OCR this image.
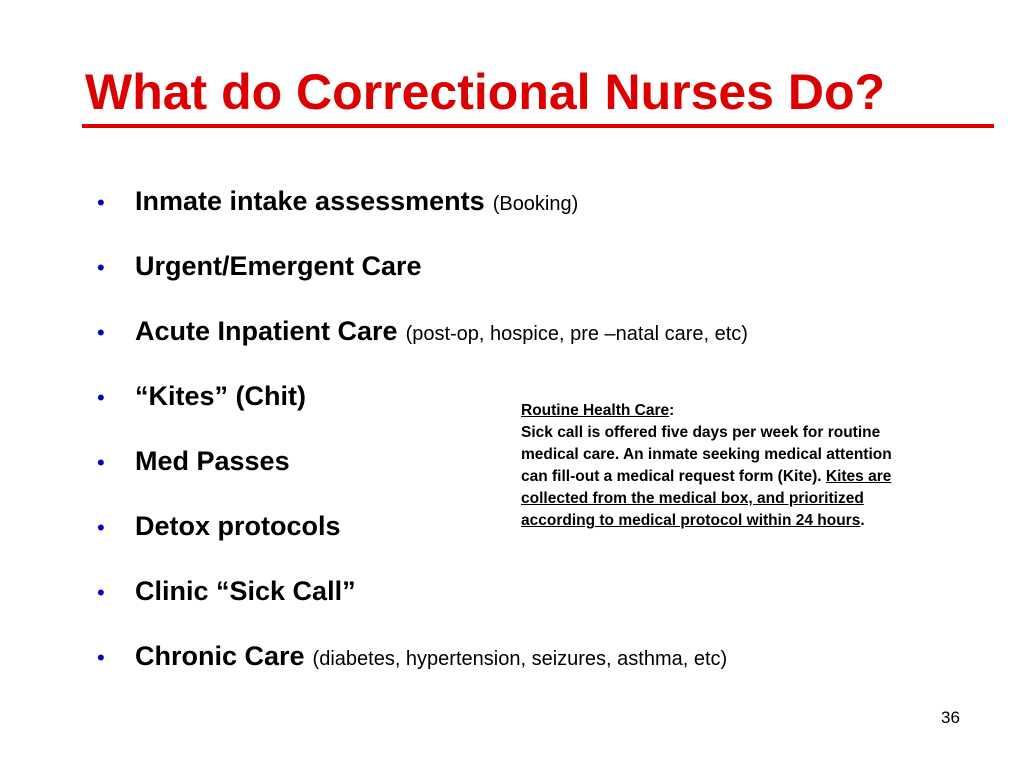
What do Correctional Nurses Do?
•	Inmate intake assessments (Booking)
•	Urgent/Emergent Care
•	Acute Inpatient Care (post-op, hospice, pre –natal care, etc)
•	“Kites” (Chit)
•	Med Passes
•	Detox protocols
•	Clinic “Sick Call”
•	Chronic Care (diabetes, hypertension, seizures, asthma, etc)
Routine Health Care:
Sick call is offered five days per week for routine
medical care. An inmate seeking medical attention
can fill-out a medical request form (Kite). Kites are
collected from the medical box, and prioritized
according to medical protocol within 24 hours.
36
